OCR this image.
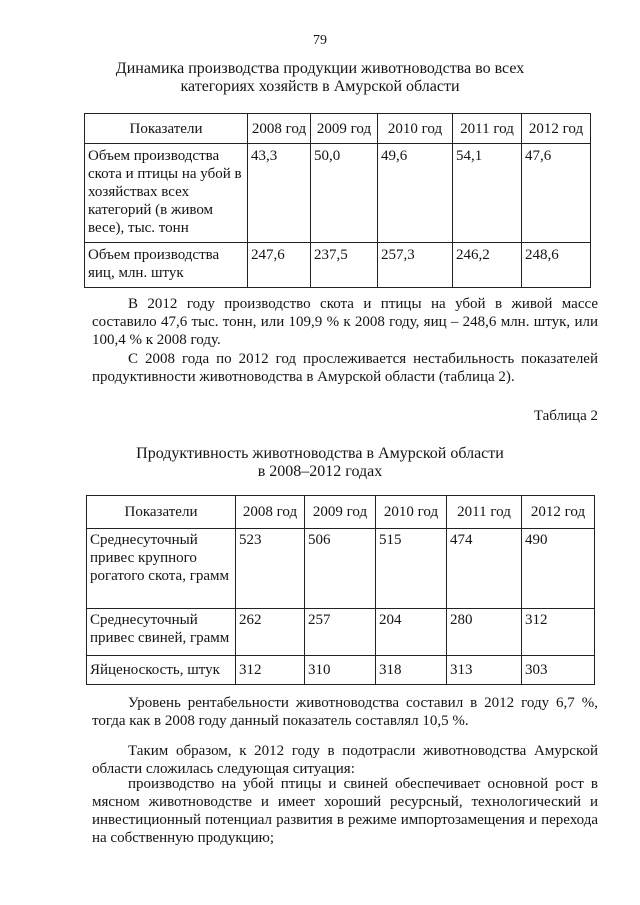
79
Динамика производства продукции животноводства во всех
категориях хозяйств в Амурской области
Показатели	2008 год	2009 год	2010 год	2011 год	2012 год
Объем производства скота и птицы на убой в хозяйствах всех категорий (в живом весе), тыс. тонн	43,3	50,0	49,6	54,1	47,6
Объем производства яиц, млн. штук	247,6	237,5	257,3	246,2	248,6

В 2012 году производство скота и птицы на убой в живой массе составило 47,6 тыс. тонн, или 109,9 % к 2008 году, яиц – 248,6 млн. штук, или 100,4 % к 2008 году.

С 2008 года по 2012 год прослеживается нестабильность показателей продуктивности животноводства в Амурской области (таблица 2).

Таблица 2
Продуктивность животноводства в Амурской области
в 2008–2012 годах
Показатели	2008 год	2009 год	2010 год	2011 год	2012 год
Среднесуточный привес крупного рогатого скота, грамм	523	506	515	474	490
Среднесуточный привес свиней, грамм	262	257	204	280	312
Яйценоскость, штук	312	310	318	313	303

Уровень рентабельности животноводства составил в 2012 году 6,7 %, тогда как в 2008 году данный показатель составлял 10,5 %.

Таким образом, к 2012 году в подотрасли животноводства Амурской области сложилась следующая ситуация:

производство на убой птицы и свиней обеспечивает основной рост в мясном животноводстве и имеет хороший ресурсный, технологический и инвестиционный потенциал развития в режиме импортозамещения и перехода на собственную продукцию;
